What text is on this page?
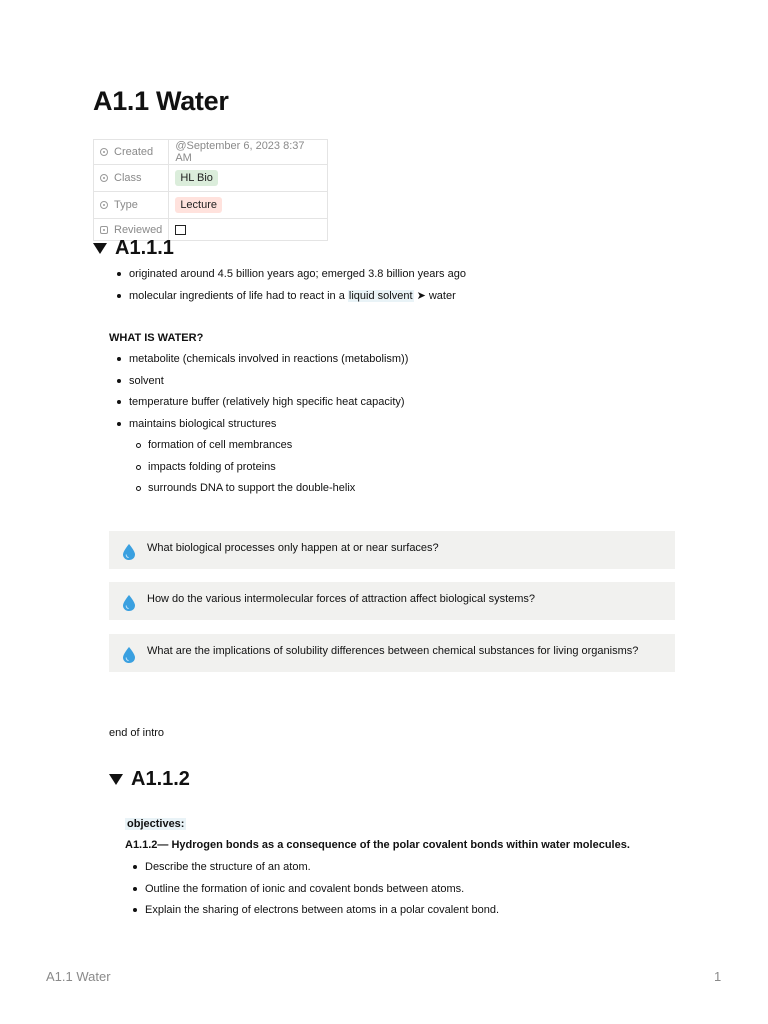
A1.1 Water
Created	@September 6, 2023 8:37 AM
Class	HL Bio
Type	Lecture
Reviewed	
A1.1.1
originated around 4.5 billion years ago; emerged 3.8 billion years ago
molecular ingredients of life had to react in a liquid solvent ➤ water
WHAT IS WATER?
metabolite (chemicals involved in reactions (metabolism))
solvent
temperature buffer (relatively high specific heat capacity)
maintains biological structures
formation of cell membrances
impacts folding of proteins
surrounds DNA to support the double-helix
What biological processes only happen at or near surfaces?
How do the various intermolecular forces of attraction affect biological systems?
What are the implications of solubility differences between chemical substances for living organisms?
end of intro
A1.1.2
objectives:
A1.1.2— Hydrogen bonds as a consequence of the polar covalent bonds within water molecules.
Describe the structure of an atom.
Outline the formation of ionic and covalent bonds between atoms.
Explain the sharing of electrons between atoms in a polar covalent bond.
A1.1 Water	1
